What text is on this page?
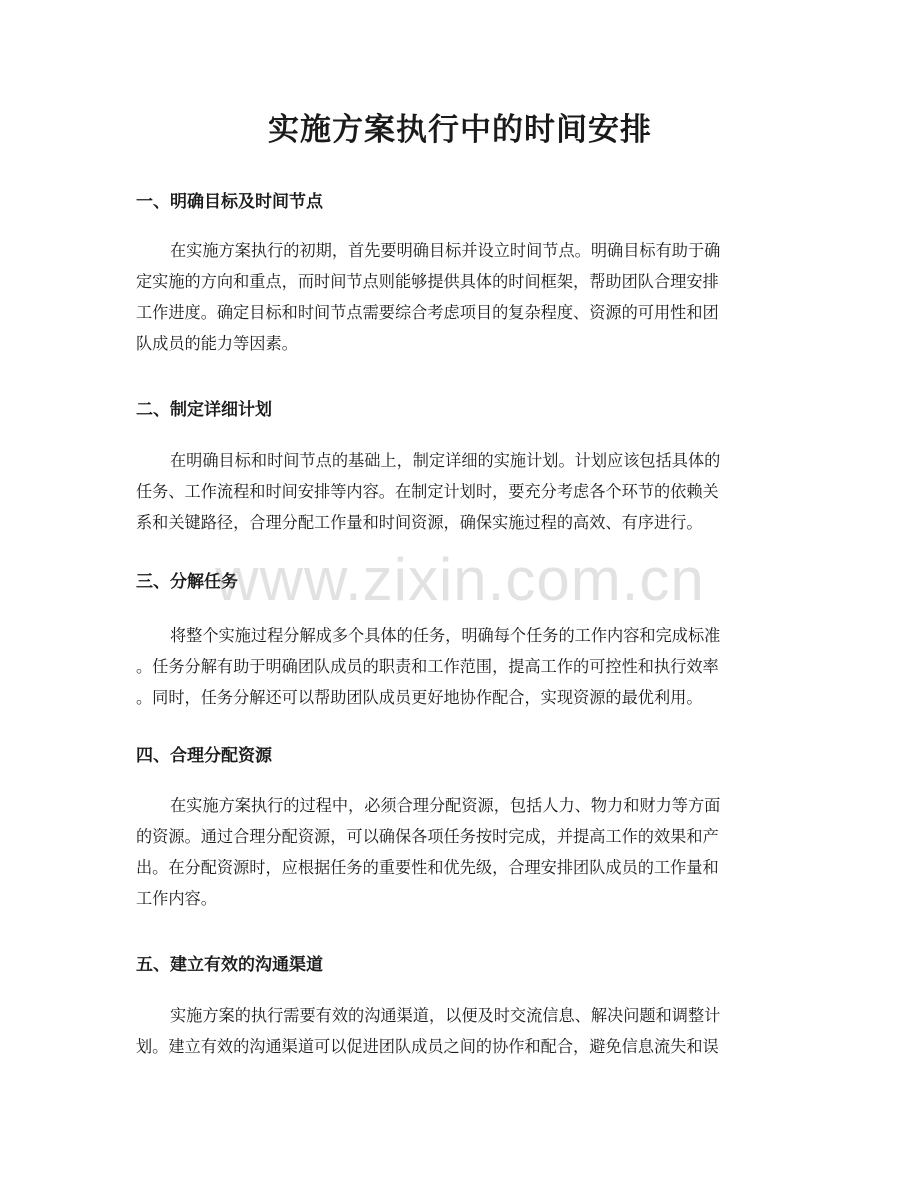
实施方案执行中的时间安排
一、明确目标及时间节点

在实施方案执行的初期，首先要明确目标并设立时间节点。明确目标有助于确
定实施的方向和重点，而时间节点则能够提供具体的时间框架，帮助团队合理安排
工作进度。确定目标和时间节点需要综合考虑项目的复杂程度、资源的可用性和团
队成员的能力等因素。

二、制定详细计划

在明确目标和时间节点的基础上，制定详细的实施计划。计划应该包括具体的
任务、工作流程和时间安排等内容。在制定计划时，要充分考虑各个环节的依赖关
系和关键路径，合理分配工作量和时间资源，确保实施过程的高效、有序进行。

三、分解任务

将整个实施过程分解成多个具体的任务，明确每个任务的工作内容和完成标准
。任务分解有助于明确团队成员的职责和工作范围，提高工作的可控性和执行效率
。同时，任务分解还可以帮助团队成员更好地协作配合，实现资源的最优利用。

四、合理分配资源

在实施方案执行的过程中，必须合理分配资源，包括人力、物力和财力等方面
的资源。通过合理分配资源，可以确保各项任务按时完成，并提高工作的效果和产
出。在分配资源时，应根据任务的重要性和优先级，合理安排团队成员的工作量和
工作内容。

五、建立有效的沟通渠道

实施方案的执行需要有效的沟通渠道，以便及时交流信息、解决问题和调整计
划。建立有效的沟通渠道可以促进团队成员之间的协作和配合，避免信息流失和误

www.zixin.com.cn
